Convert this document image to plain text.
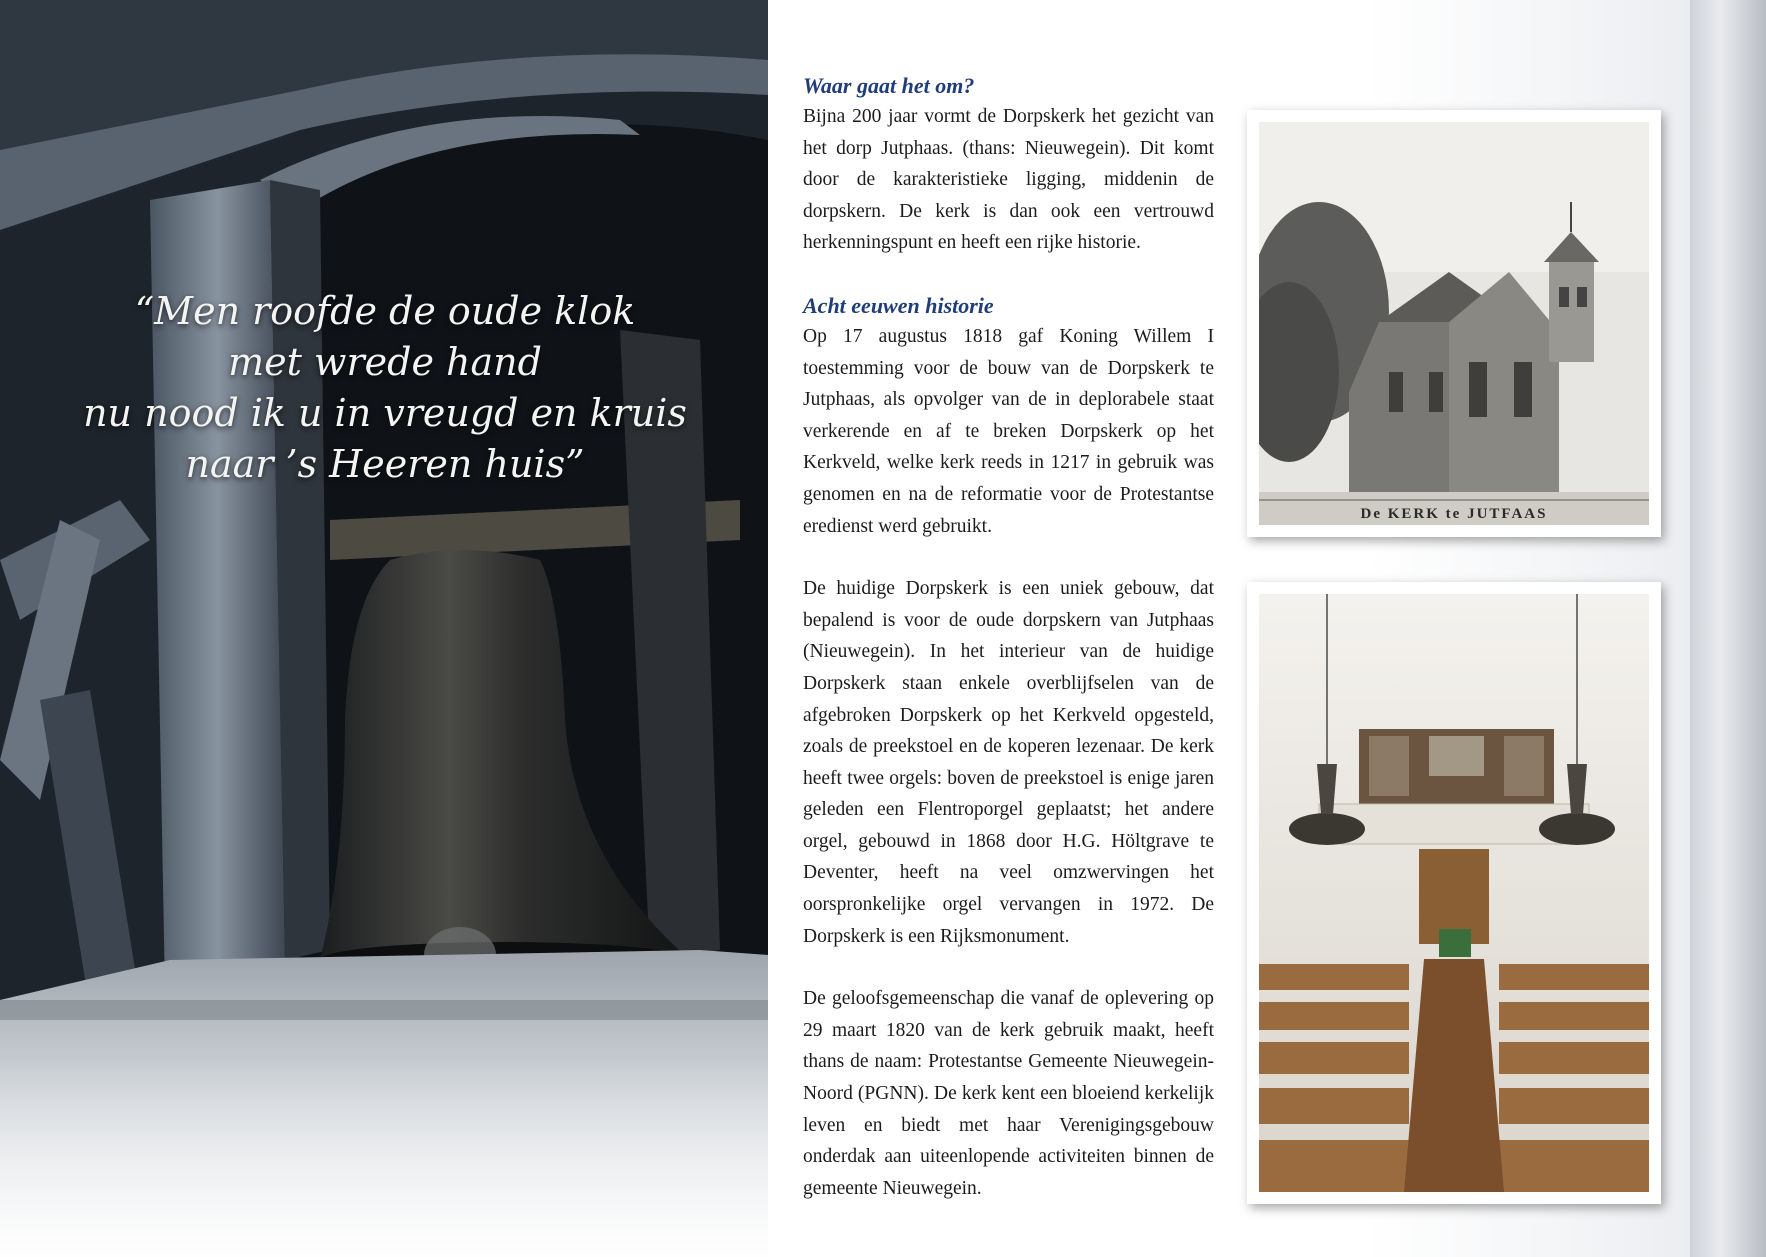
“Men roofde de oude klok
met wrede hand
nu nood ik u in vreugd en kruis
naar ’s Heeren huis”
Waar gaat het om?

Bijna 200 jaar vormt de Dorpskerk het gezicht van het dorp Jutphaas. (thans: Nieuwegein). Dit komt door de karakteristieke ligging, middenin de dorpskern. De kerk is dan ook een vertrouwd herkenningspunt en heeft een rijke historie.

Acht eeuwen historie

Op 17 augustus 1818 gaf Koning Willem I toestemming voor de bouw van de Dorpskerk te Jutphaas, als opvolger van de in deplorabele staat verkerende en af te breken Dorpskerk op het Kerkveld, welke kerk reeds in 1217 in gebruik was genomen en na de reformatie voor de Protestantse eredienst werd gebruikt.

De huidige Dorpskerk is een uniek gebouw, dat bepalend is voor de oude dorpskern van Jutphaas (Nieuwegein). In het interieur van de huidige Dorpskerk staan enkele overblijfselen van de afgebroken Dorpskerk op het Kerkveld opgesteld, zoals de preekstoel en de koperen lezenaar. De kerk heeft twee orgels: boven de preekstoel is enige jaren geleden een Flentroporgel geplaatst; het andere orgel, gebouwd in 1868 door H.G. Höltgrave te Deventer, heeft na veel omzwervingen het oorspronkelijke orgel vervangen in 1972. De Dorpskerk is een Rijksmonument.

De geloofsgemeenschap die vanaf de oplevering op 29 maart 1820 van de kerk gebruik maakt, heeft thans de naam: Protestantse Gemeente Nieuwegein-Noord (PGNN). De kerk kent een bloeiend kerkelijk leven en biedt met haar Verenigingsgebouw onderdak aan uiteenlopende activiteiten binnen de gemeente Nieuwegein.

De KERK te JUTFAAS
